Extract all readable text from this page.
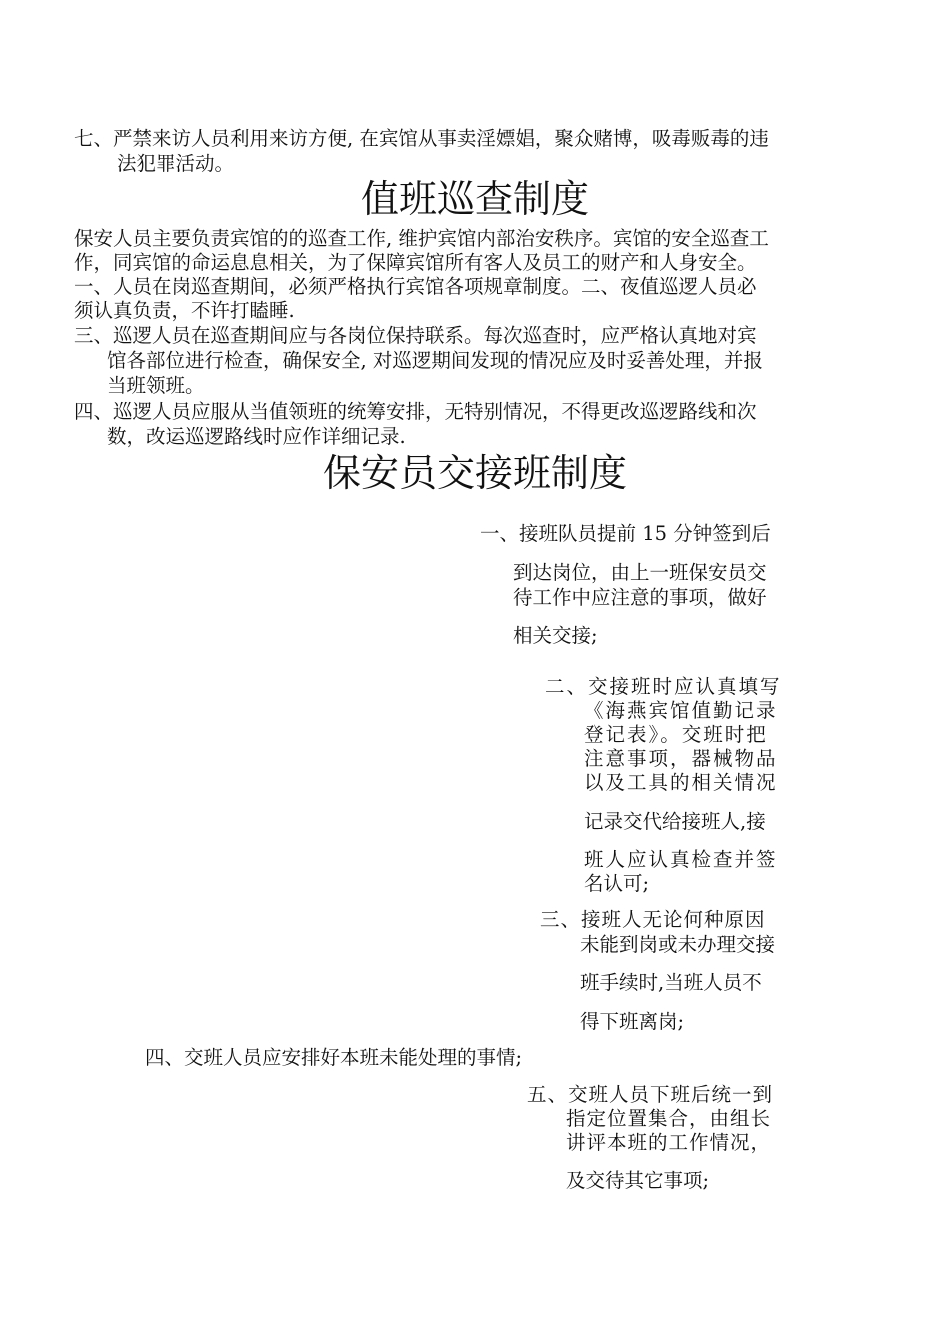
七、严禁来访人员利用来访方便, 在宾馆从事卖淫嫖娼，聚众赌博，吸毒贩毒的违

法犯罪活动。

值班巡查制度

保安人员主要负责宾馆的的巡查工作, 维护宾馆内部治安秩序。宾馆的安全巡查工

作，同宾馆的命运息息相关，为了保障宾馆所有客人及员工的财产和人身安全。

一、人员在岗巡查期间，必须严格执行宾馆各项规章制度。二、夜值巡逻人员必

须认真负责，不许打瞌睡.

三、巡逻人员在巡查期间应与各岗位保持联系。每次巡查时，应严格认真地对宾

馆各部位进行检查，确保安全, 对巡逻期间发现的情况应及时妥善处理，并报

当班领班。

四、巡逻人员应服从当值领班的统筹安排，无特别情况，不得更改巡逻路线和次

数，改运巡逻路线时应作详细记录.

保安员交接班制度

一、接班队员提前 15 分钟签到后

到达岗位，由上一班保安员交

待工作中应注意的事项，做好

相关交接;

二、交接班时应认真填写

《海燕宾馆值勤记录

登记表》。交班时把

注意事项，器械物品

以及工具的相关情况

记录交代给接班人,接

班人应认真检查并签

名认可;

三、接班人无论何种原因

未能到岗或未办理交接

班手续时,当班人员不

得下班离岗;

四、交班人员应安排好本班未能处理的事情;

五、交班人员下班后统一到

指定位置集合，由组长

讲评本班的工作情况，

及交待其它事项;
